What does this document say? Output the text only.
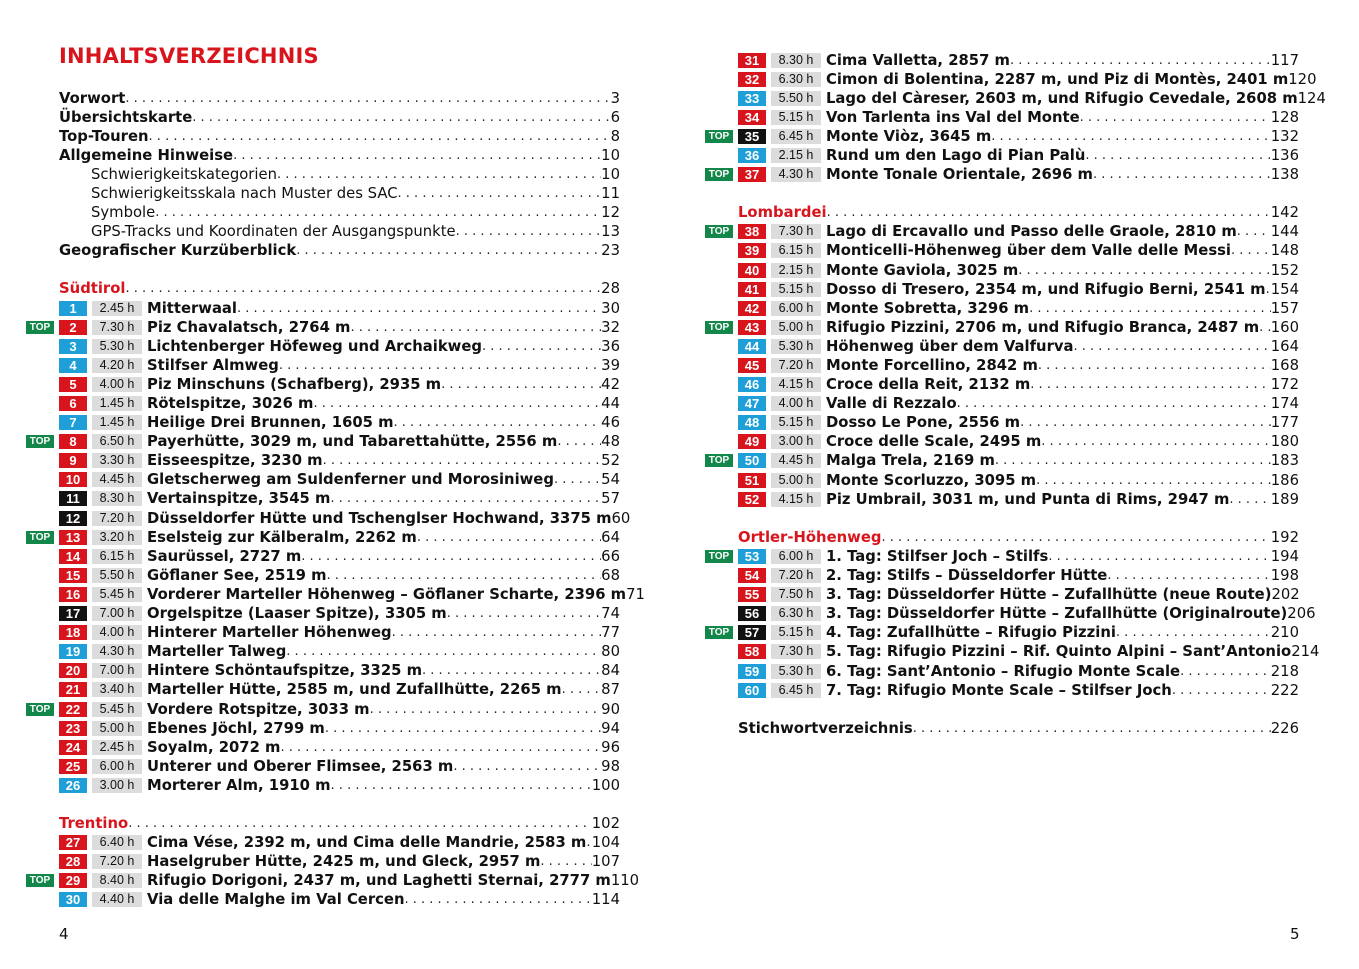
INHALTSVERZEICHNIS
Vorwort . . .	3
Übersichtskarte . . .	6
Top-Touren . . .	8
Allgemeine Hinweise . . .	10
Schwierigkeitskategorien . . .	10
Schwierigkeitsskala nach Muster des SAC . . .	11
Symbole . . .	12
GPS-Tracks und Koordinaten der Ausgangspunkte . . .	13
Geografischer Kurzüberblick . . .	23
Südtirol . . .	28
1	2.45 h Mitterwaal . . .	30
TOP	2	7.30 h Piz Chavalatsch, 2764 m . . .	32
3	5.30 h Lichtenberger Höfeweg und Archaikweg . . .	36
4	4.20 h Stilfser Almweg . . .	39
5	4.00 h Piz Minschuns (Schafberg), 2935 m . . .	42
6	1.45 h Rötelspitze, 3026 m . . .	44
7	1.45 h Heilige Drei Brunnen, 1605 m . . .	46
TOP	8	6.50 h Payerhütte, 3029 m, und Tabarettahütte, 2556 m . . .	48
9	3.30 h Eisseespitze, 3230 m . . .	52
10	4.45 h Gletscherweg am Suldenferner und Morosiniweg . . .	54
11	8.30 h Vertainspitze, 3545 m . . .	57
12	7.20 h Düsseldorfer Hütte und Tschenglser Hochwand, 3375 m 60
TOP	13	3.20 h Eselsteig zur Kälberalm, 2262 m . . .	64
14	6.15 h Saurüssel, 2727 m . . .	66
15	5.50 h Göflaner See, 2519 m . . .	68
16	5.45 h Vorderer Marteller Höhenweg – Göflaner Scharte, 2396 m 71
17	7.00 h Orgelspitze (Laaser Spitze), 3305 m . . .	74
18	4.00 h Hinterer Marteller Höhenweg . . .	77
19	4.30 h Marteller Talweg . . .	80
20	7.00 h Hintere Schöntaufspitze, 3325 m . . .	84
21	3.40 h Marteller Hütte, 2585 m, und Zufallhütte, 2265 m . . .	87
TOP	22	5.45 h Vordere Rotspitze, 3033 m . . .	90
23	5.00 h Ebenes Jöchl, 2799 m . . .	94
24	2.45 h Soyalm, 2072 m . . .	96
25	6.00 h Unterer und Oberer Flimsee, 2563 m . . .	98
26	3.00 h Morterer Alm, 1910 m . . .	100
Trentino . . .	102
27	6.40 h Cima Vése, 2392 m, und Cima delle Mandrie, 2583 m . . . 104
28	7.20 h Haselgruber Hütte, 2425 m, und Gleck, 2957 m . . .	107
TOP	29	8.40 h Rifugio Dorigoni, 2437 m, und Laghetti Sternai, 2777 m 110
30	4.40 h Via delle Malghe im Val Cercen . . .	114
4
31	8.30 h Cima Valletta, 2857 m . . .	117
32	6.30 h Cimon di Bolentina, 2287 m, und Piz di Montès, 2401 m 120
33	5.50 h Lago del Càreser, 2603 m, und Rifugio Cevedale, 2608 m 124
34	5.15 h Von Tarlenta ins Val del Monte . . .	128
TOP	35	6.45 h Monte Viòz, 3645 m . . .	132
36	2.15 h Rund um den Lago di Pian Palù . . .	136
TOP	37	4.30 h Monte Tonale Orientale, 2696 m . . .	138
Lombardei . . .	142
TOP	38	7.30 h Lago di Ercavallo und Passo delle Graole, 2810 m . . . 144
39	6.15 h Monticelli-Höhenweg über dem Valle delle Messi . . .	148
40	2.15 h Monte Gaviola, 3025 m . . .	152
41	5.15 h Dosso di Tresero, 2354 m, und Rifugio Berni, 2541 m . . . 154
42	6.00 h Monte Sobretta, 3296 m . . .	157
TOP	43	5.00 h Rifugio Pizzini, 2706 m, und Rifugio Branca, 2487 m . . . 160
44	5.30 h Höhenweg über dem Valfurva . . .	164
45	7.20 h Monte Forcellino, 2842 m . . .	168
46	4.15 h Croce della Reit, 2132 m . . .	172
47	4.00 h Valle di Rezzalo . . .	174
48	5.15 h Dosso Le Pone, 2556 m . . .	177
49	3.00 h Croce delle Scale, 2495 m . . .	180
TOP	50	4.45 h Malga Trela, 2169 m . . .	183
51	5.00 h Monte Scorluzzo, 3095 m . . .	186
52	4.15 h Piz Umbrail, 3031 m, und Punta di Rims, 2947 m . . .	189
Ortler-Höhenweg . . .	192
TOP	53	6.00 h 1. Tag: Stilfser Joch – Stilfs . . .	194
54	7.20 h 2. Tag: Stilfs – Düsseldorfer Hütte . . .	198
55	7.50 h 3. Tag: Düsseldorfer Hütte – Zufallhütte (neue Route) 202
56	6.30 h 3. Tag: Düsseldorfer Hütte – Zufallhütte (Originalroute) 206
TOP	57	5.15 h 4. Tag: Zufallhütte – Rifugio Pizzini . . .	210
58	7.30 h 5. Tag: Rifugio Pizzini – Rif. Quinto Alpini – Sant’Antonio 214
59	5.30 h 6. Tag: Sant’Antonio – Rifugio Monte Scale . . .	218
60	6.45 h 7. Tag: Rifugio Monte Scale – Stilfser Joch . . .	222
Stichwortverzeichnis . . .	226
5
